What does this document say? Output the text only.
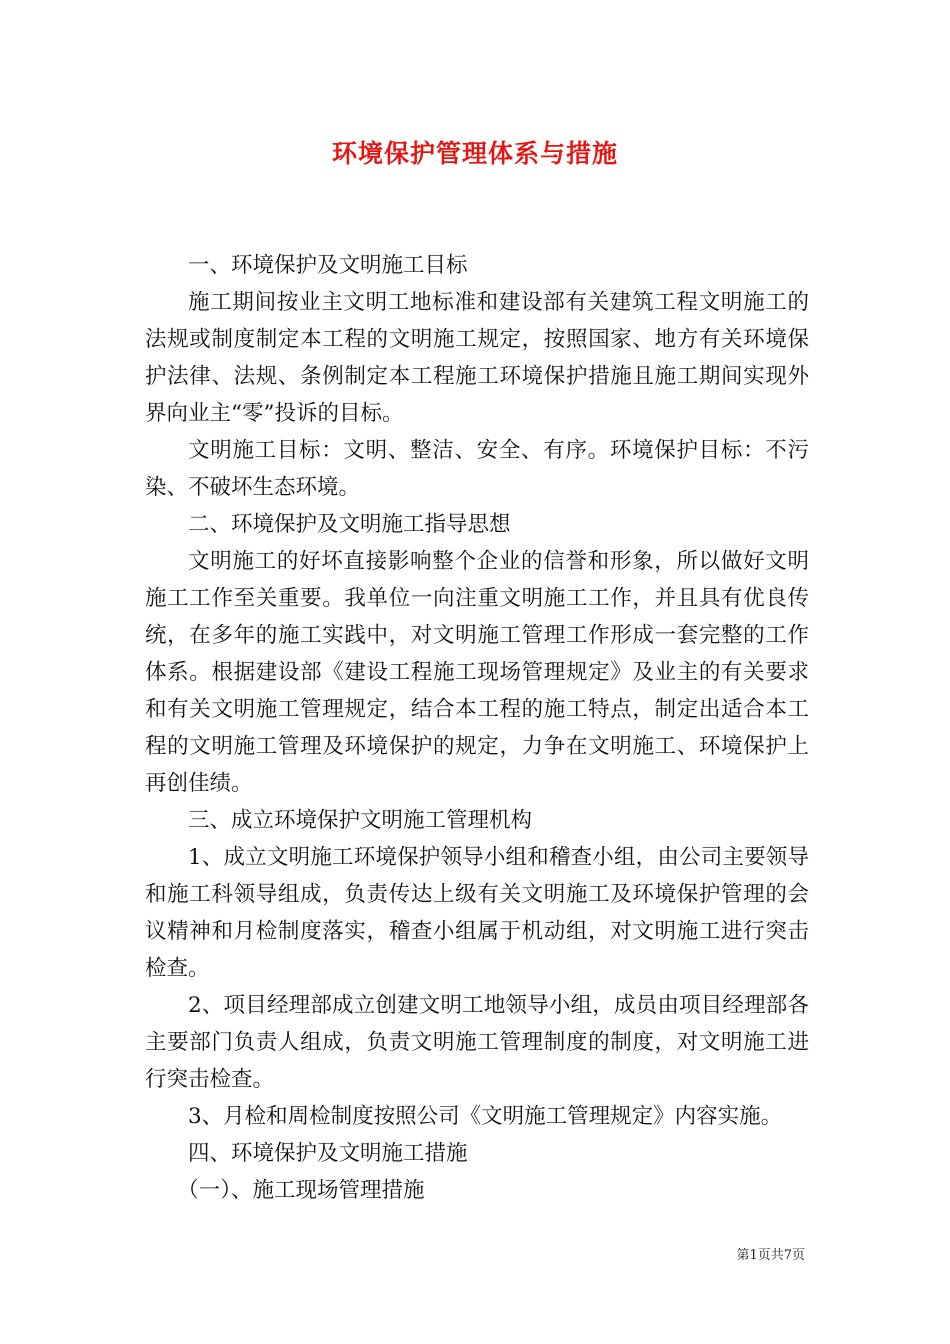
环境保护管理体系与措施

一、环境保护及文明施工目标

施工期间按业主文明工地标准和建设部有关建筑工程文明施工的法规或制度制定本工程的文明施工规定，按照国家、地方有关环境保护法律、法规、条例制定本工程施工环境保护措施且施工期间实现外界向业主“零”投诉的目标。

文明施工目标：文明、整洁、安全、有序。环境保护目标：不污染、不破坏生态环境。

二、环境保护及文明施工指导思想

文明施工的好坏直接影响整个企业的信誉和形象，所以做好文明施工工作至关重要。我单位一向注重文明施工工作，并且具有优良传统，在多年的施工实践中，对文明施工管理工作形成一套完整的工作体系。根据建设部《建设工程施工现场管理规定》及业主的有关要求和有关文明施工管理规定，结合本工程的施工特点，制定出适合本工程的文明施工管理及环境保护的规定，力争在文明施工、环境保护上再创佳绩。

三、成立环境保护文明施工管理机构

1、成立文明施工环境保护领导小组和稽查小组，由公司主要领导和施工科领导组成，负责传达上级有关文明施工及环境保护管理的会议精神和月检制度落实，稽查小组属于机动组，对文明施工进行突击检查。

2、项目经理部成立创建文明工地领导小组，成员由项目经理部各主要部门负责人组成，负责文明施工管理制度的制度，对文明施工进行突击检查。

3、月检和周检制度按照公司《文明施工管理规定》内容实施。

四、环境保护及文明施工措施

（一）、施工现场管理措施

第1页共7页
